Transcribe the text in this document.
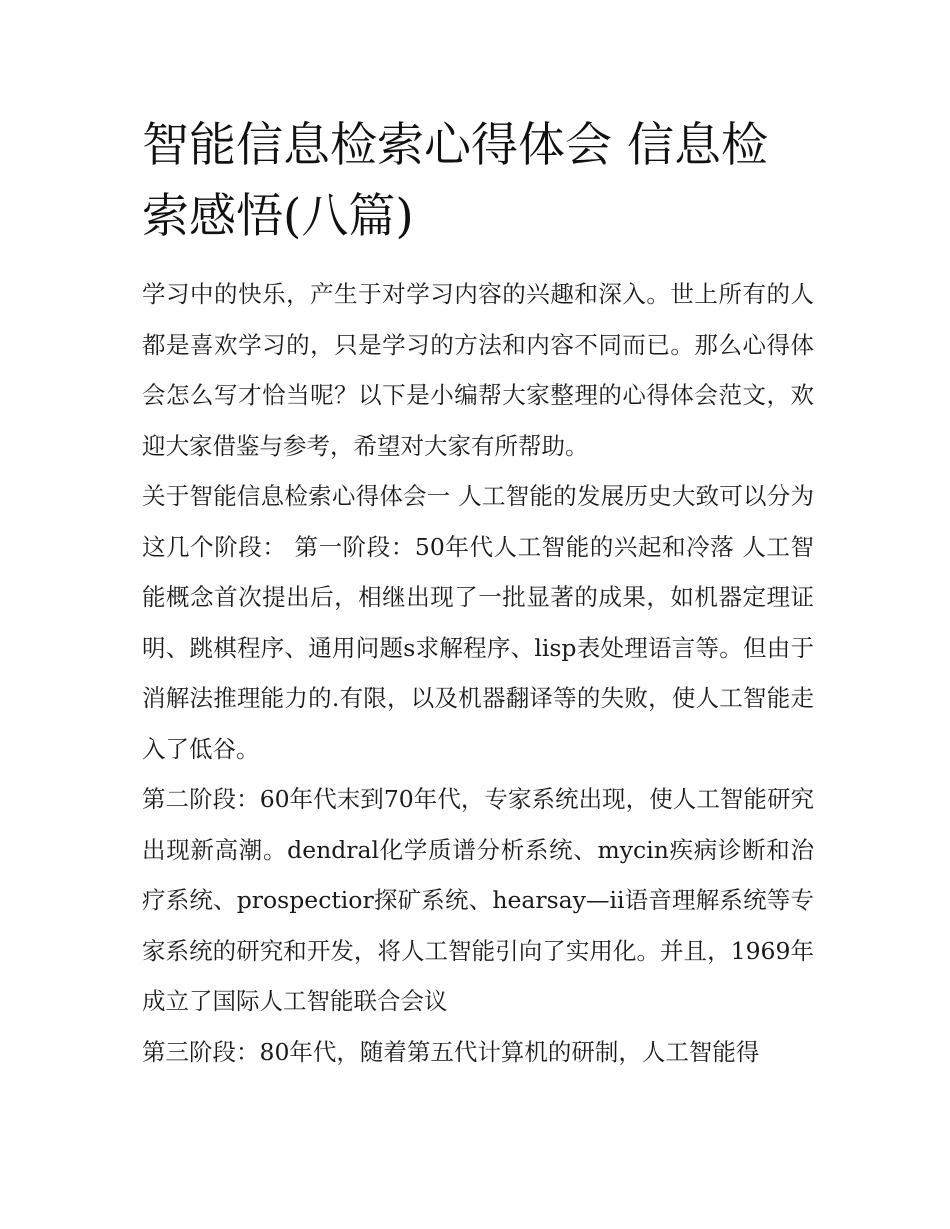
智能信息检索心得体会 信息检索感悟(八篇)

学习中的快乐，产生于对学习内容的兴趣和深入。世上所有的人都是喜欢学习的，只是学习的方法和内容不同而已。那么心得体会怎么写才恰当呢？以下是小编帮大家整理的心得体会范文，欢迎大家借鉴与参考，希望对大家有所帮助。

关于智能信息检索心得体会一 人工智能的发展历史大致可以分为这几个阶段： 第一阶段：50年代人工智能的兴起和冷落 人工智能概念首次提出后，相继出现了一批显著的成果，如机器定理证明、跳棋程序、通用问题s求解程序、lisp表处理语言等。但由于消解法推理能力的.有限，以及机器翻译等的失败，使人工智能走入了低谷。

第二阶段：60年代末到70年代，专家系统出现，使人工智能研究出现新高潮。dendral化学质谱分析系统、mycin疾病诊断和治疗系统、prospectior探矿系统、hearsay—ii语音理解系统等专家系统的研究和开发，将人工智能引向了实用化。并且，1969年成立了国际人工智能联合会议

第三阶段：80年代，随着第五代计算机的研制，人工智能得
